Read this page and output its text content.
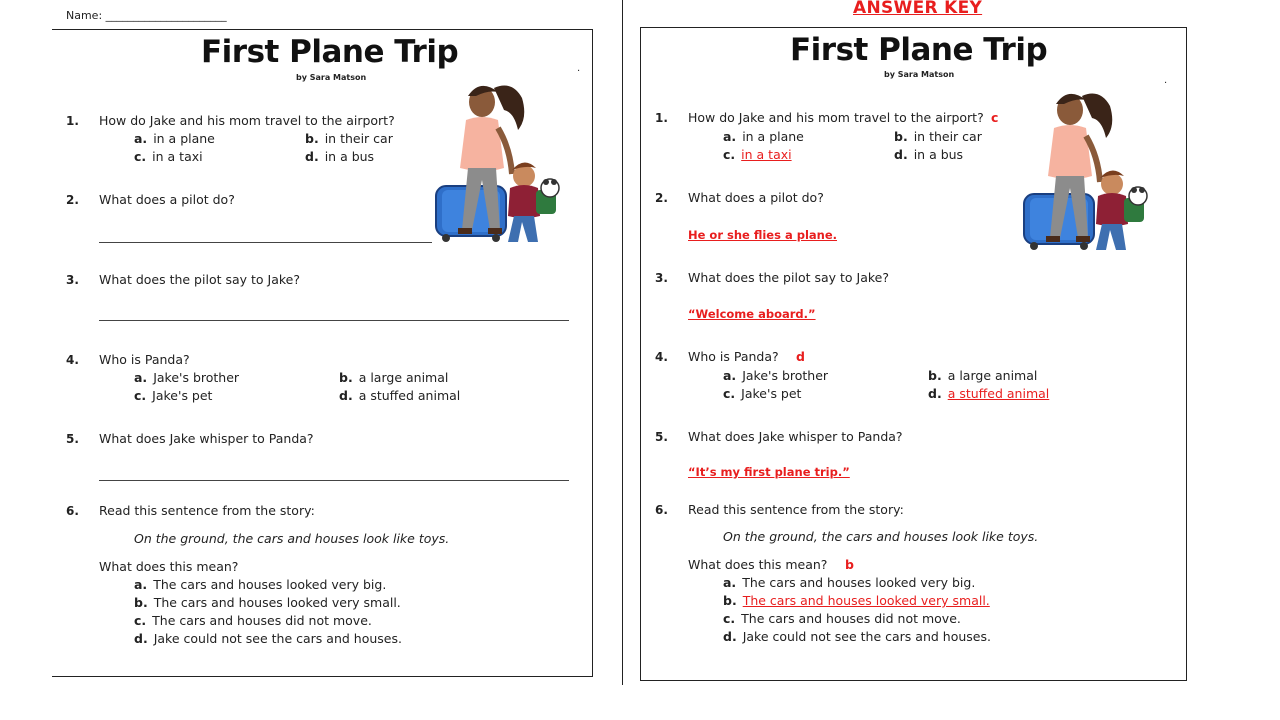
Name: ______________________	ANSWER KEY
First Plane Trip
by Sara Matson
·
1. How do Jake and his mom travel to the airport?
a. in a plane	b. in their car
c. in a taxi	d. in a bus
2. What does a pilot do?
3. What does the pilot say to Jake?
4. Who is Panda?
a. Jake's brother	b. a large animal
c. Jake's pet	d. a stuffed animal
5. What does Jake whisper to Panda?
6. Read this sentence from the story:
On the ground, the cars and houses look like toys.
What does this mean?
a. The cars and houses looked very big.
b. The cars and houses looked very small.
c. The cars and houses did not move.
d. Jake could not see the cars and houses.
First Plane Trip
by Sara Matson
·
1. How do Jake and his mom travel to the airport? c
a. in a plane	b. in their car
c. in a taxi	d. in a bus
2. What does a pilot do?
He or she flies a plane.
3. What does the pilot say to Jake?
“Welcome aboard.”
4. Who is Panda? d
a. Jake's brother	b. a large animal
c. Jake's pet	d. a stuffed animal
5. What does Jake whisper to Panda?
“It’s my first plane trip.”
6. Read this sentence from the story:
On the ground, the cars and houses look like toys.
What does this mean? b
a. The cars and houses looked very big.
b. The cars and houses looked very small.
c. The cars and houses did not move.
d. Jake could not see the cars and houses.
